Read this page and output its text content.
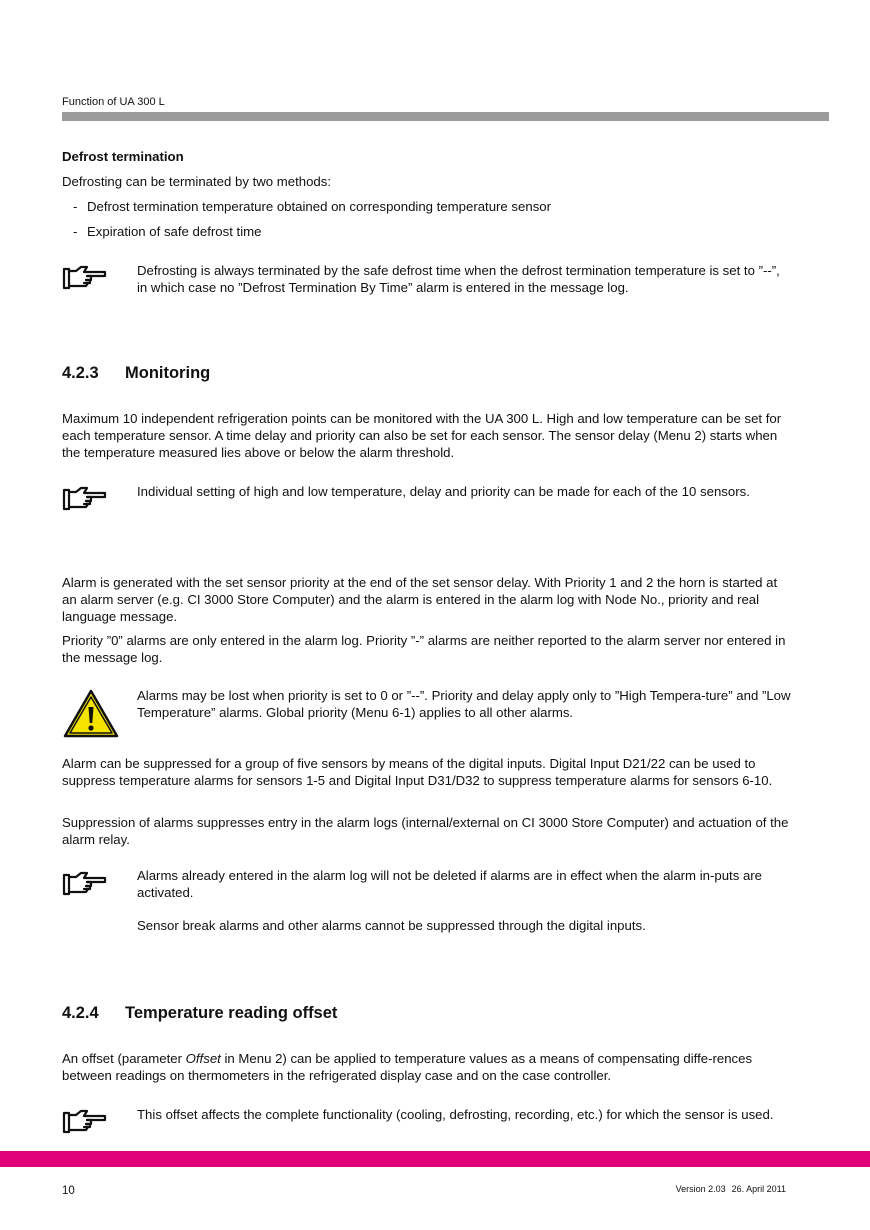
Function of UA 300 L
Defrost termination
Defrosting can be terminated by two methods:
- Defrost termination temperature obtained on corresponding temperature sensor
- Expiration of safe defrost time

Defrosting is always terminated by the safe defrost time when the defrost termination temperature is set to ”--”, in which case no ”Defrost Termination By Time” alarm is entered in the message log.

4.2.3 Monitoring

Maximum 10 independent refrigeration points can be monitored with the UA 300 L. High and low temperature can be set for each temperature sensor. A time delay and priority can also be set for each sensor. The sensor delay (Menu 2) starts when the temperature measured lies above or below the alarm threshold.

Individual setting of high and low temperature, delay and priority can be made for each of the 10 sensors.

Alarm is generated with the set sensor priority at the end of the set sensor delay. With Priority 1 and 2 the horn is started at an alarm server (e.g. CI 3000 Store Computer) and the alarm is entered in the alarm log with Node No., priority and real language message.

Priority ”0” alarms are only entered in the alarm log. Priority ”-” alarms are neither reported to the alarm server nor entered in the message log.

Alarms may be lost when priority is set to 0 or ”--”. Priority and delay apply only to ”High Tempera-ture” and ”Low Temperature” alarms. Global priority (Menu 6-1) applies to all other alarms.

Alarm can be suppressed for a group of five sensors by means of the digital inputs. Digital Input D21/22 can be used to suppress temperature alarms for sensors 1-5 and Digital Input D31/D32 to suppress temperature alarms for sensors 6-10.

Suppression of alarms suppresses entry in the alarm logs (internal/external on CI 3000 Store Computer) and actuation of the alarm relay.

Alarms already entered in the alarm log will not be deleted if alarms are in effect when the alarm in-puts are activated.

Sensor break alarms and other alarms cannot be suppressed through the digital inputs.

4.2.4 Temperature reading offset

An offset (parameter Offset in Menu 2) can be applied to temperature values as a means of compensating diffe-rences between readings on thermometers in the refrigerated display case and on the case controller.

This offset affects the complete functionality (cooling, defrosting, recording, etc.) for which the sensor is used.

10	Version 2.03 26. April 2011
